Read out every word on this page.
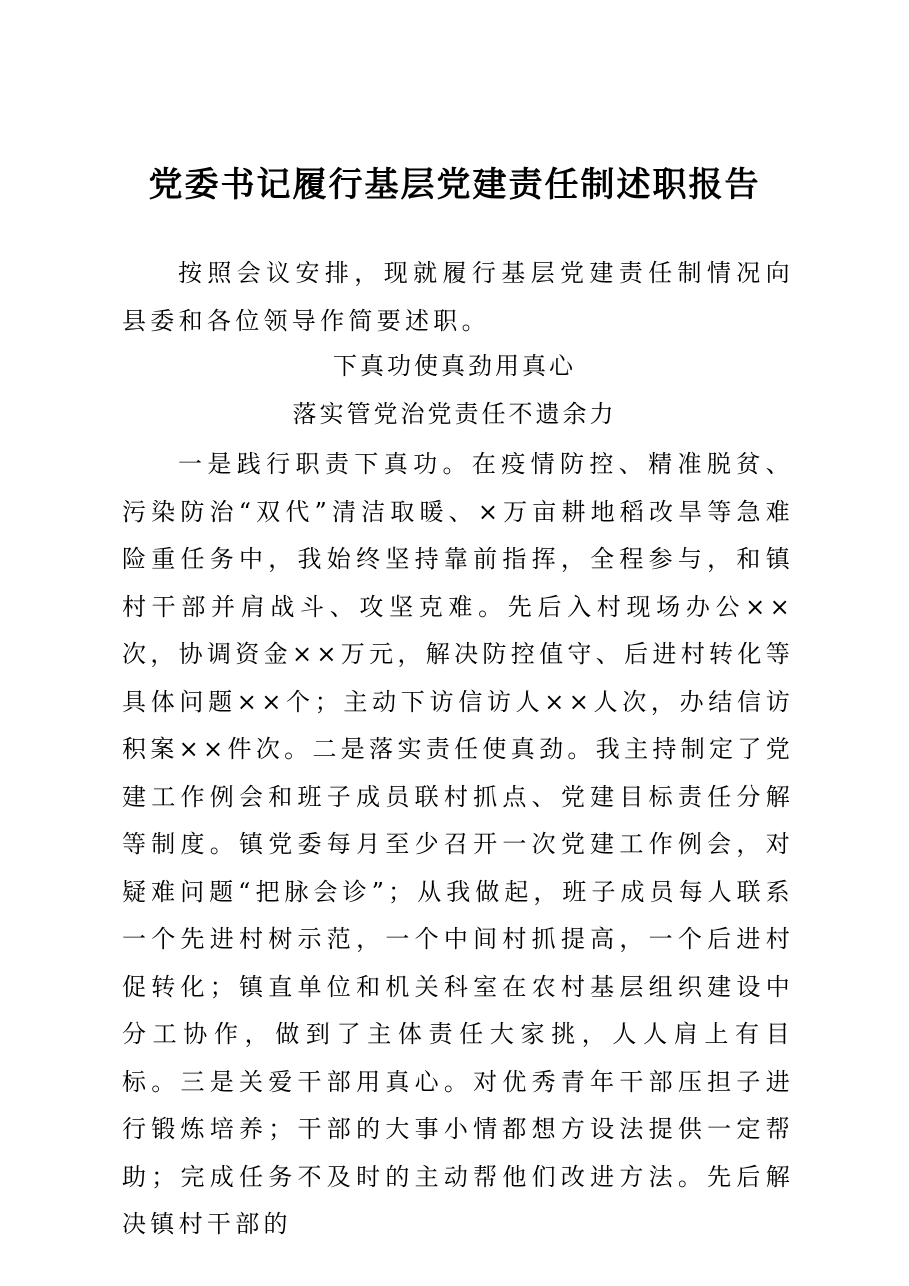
党委书记履行基层党建责任制述职报告

按照会议安排，现就履行基层党建责任制情况向县委和各位领导作简要述职。

下真功使真劲用真心

落实管党治党责任不遗余力

一是践行职责下真功。在疫情防控、精准脱贫、污染防治“双代”清洁取暖、×万亩耕地稻改旱等急难险重任务中，我始终坚持靠前指挥，全程参与，和镇村干部并肩战斗、攻坚克难。先后入村现场办公××次，协调资金××万元，解决防控值守、后进村转化等具体问题××个；主动下访信访人××人次，办结信访积案××件次。二是落实责任使真劲。我主持制定了党建工作例会和班子成员联村抓点、党建目标责任分解等制度。镇党委每月至少召开一次党建工作例会，对疑难问题“把脉会诊”；从我做起，班子成员每人联系一个先进村树示范，一个中间村抓提高，一个后进村促转化；镇直单位和机关科室在农村基层组织建设中分工协作，做到了主体责任大家挑，人人肩上有目标。三是关爱干部用真心。对优秀青年干部压担子进行锻炼培养；干部的大事小情都想方设法提供一定帮助；完成任务不及时的主动帮他们改进方法。先后解决镇村干部的
